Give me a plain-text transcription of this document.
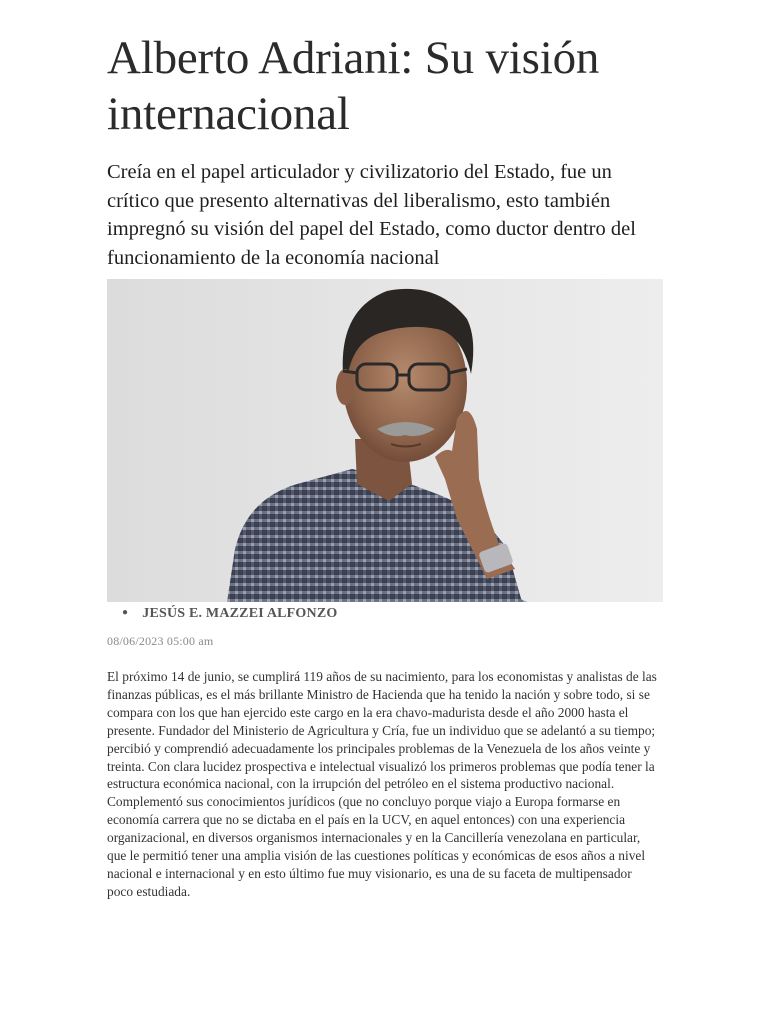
Alberto Adriani: Su visión internacional

Creía en el papel articulador y civilizatorio del Estado, fue un crítico que presento alternativas del liberalismo, esto también impregnó su visión del papel del Estado, como ductor dentro del funcionamiento de la economía nacional

● JESÚS E. MAZZEI ALFONZO
08/06/2023 05:00 am

El próximo 14 de junio, se cumplirá 119 años de su nacimiento, para los economistas y analistas de las finanzas públicas, es el más brillante Ministro de Hacienda que ha tenido la nación y sobre todo, si se compara con los que han ejercido este cargo en la era chavo-madurista desde el año 2000 hasta el presente. Fundador del Ministerio de Agricultura y Cría, fue un individuo que se adelantó a su tiempo; percibió y comprendió adecuadamente los principales problemas de la Venezuela de los años veinte y treinta. Con clara lucidez prospectiva e intelectual visualizó los primeros problemas que podía tener la estructura económica nacional, con la irrupción del petróleo en el sistema productivo nacional. Complementó sus conocimientos jurídicos (que no concluyo porque viajo a Europa formarse en economía carrera que no se dictaba en el país en la UCV, en aquel entonces) con una experiencia organizacional, en diversos organismos internacionales y en la Cancillería venezolana en particular, que le permitió tener una amplia visión de las cuestiones políticas y económicas de esos años a nivel nacional e internacional y en esto último fue muy visionario, es una de su faceta de multipensador poco estudiada.
